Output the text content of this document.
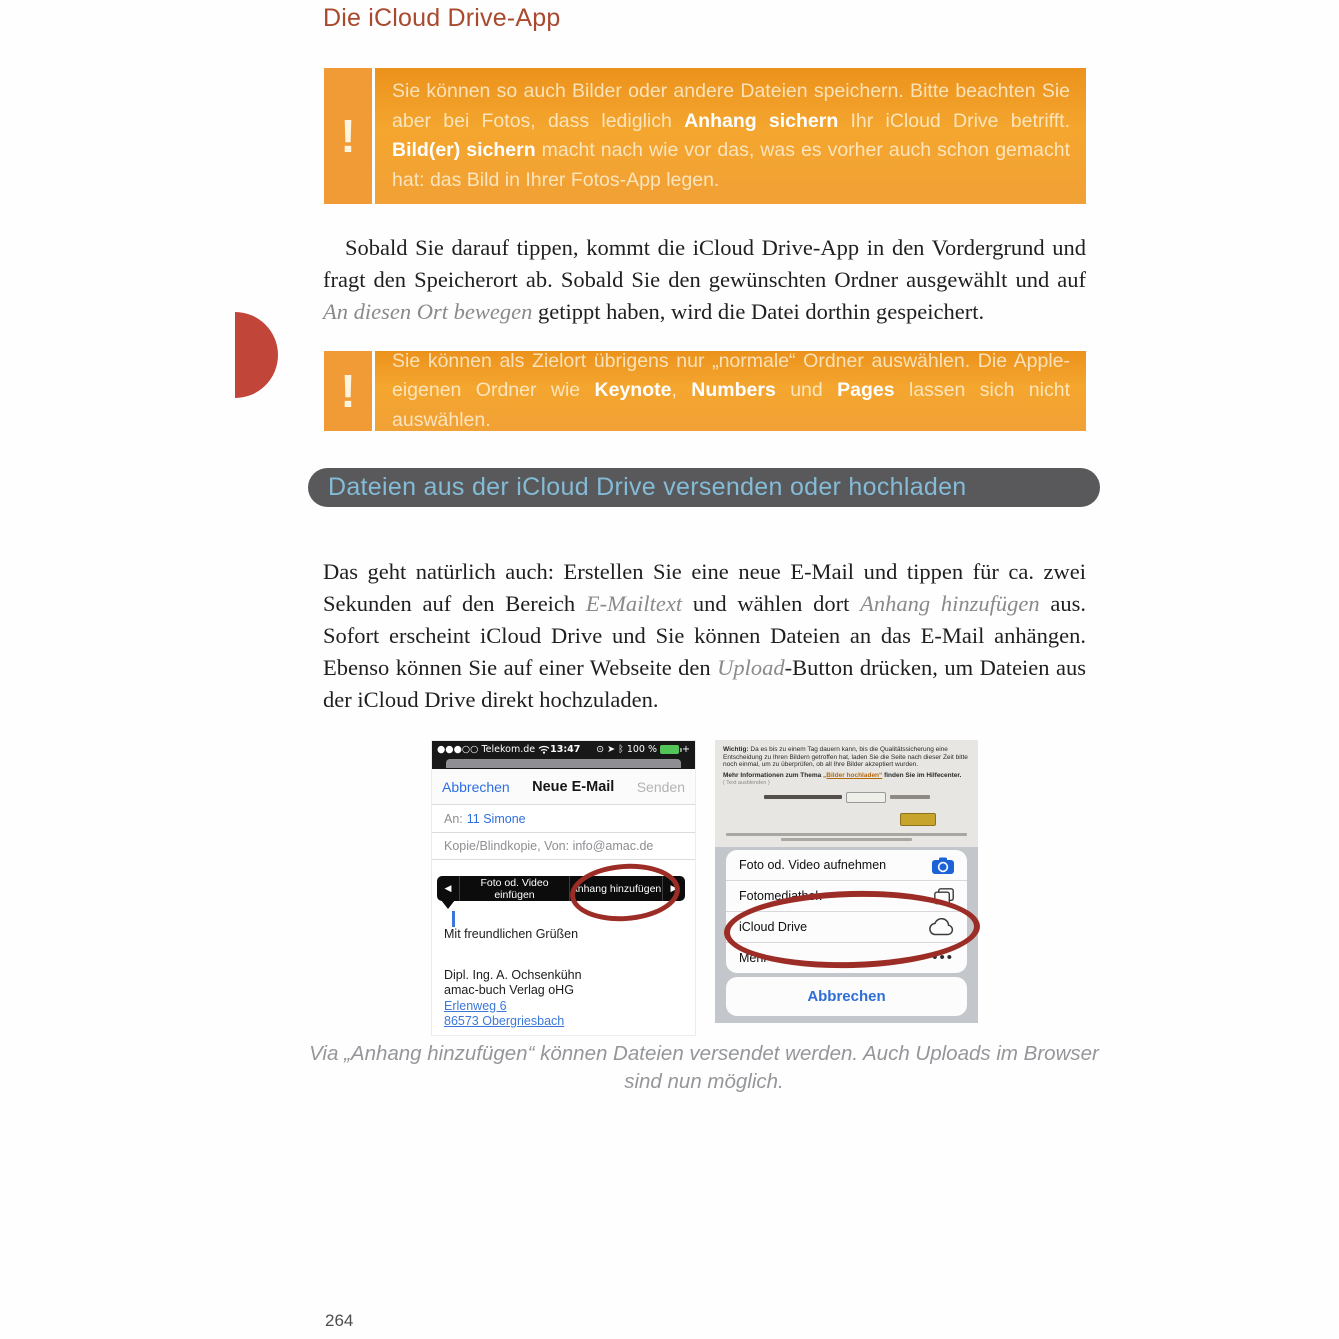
Die iCloud Drive-App
!

Sie können so auch Bilder oder andere Dateien speichern. Bitte beachten Sie aber bei Fotos, dass lediglich Anhang sichern Ihr iCloud Drive betrifft. Bild(er) sichern macht nach wie vor das, was es vorher auch schon gemacht hat: das Bild in Ihrer Fotos-App legen.

Sobald Sie darauf tippen, kommt die iCloud Drive-App in den Vordergrund und fragt den Speicherort ab. Sobald Sie den gewünschten Ordner ausgewählt und auf An diesen Ort bewegen getippt haben, wird die Datei dorthin gespeichert.

!

Sie können als Zielort übrigens nur „normale“ Ordner auswählen. Die Apple-eigenen Ordner wie Keynote, Numbers und Pages lassen sich nicht auswählen.

Dateien aus der iCloud Drive versenden oder hochladen

Das geht natürlich auch: Erstellen Sie eine neue E-Mail und tippen für ca. zwei Sekunden auf den Bereich E-Mailtext und wählen dort Anhang hinzufügen aus. Sofort erscheint iCloud Drive und Sie können Dateien an das E-Mail anhängen. Ebenso können Sie auf einer Webseite den Upload-Button drücken, um Dateien aus der iCloud Drive direkt hochzuladen.

●●●○○ Telekom.de 13:47 ⊙ ➤ ᛒ 100 %	+
Abbrechen Neue E-Mail Senden
An: 11 Simone
Kopie/Blindkopie, Von: info@amac.de
◀	Foto od. Video einfügen	Anhang hinzufügen	▶
Mit freundlichen Grüßen
Dipl. Ing. A. Ochsenkühn
amac-buch Verlag oHG
Erlenweg 6
86573 Obergriesbach
Wichtig: Da es bis zu einem Tag dauern kann, bis die Qualitätssicherung eine Entscheidung zu Ihren Bildern getroffen hat, laden Sie die Seite nach dieser Zeit bitte noch einmal, um zu überprüfen, ob all Ihre Bilder akzeptiert wurden.
Mehr Informationen zum Thema „Bilder hochladen“ finden Sie im Hilfecenter.
( Text ausblenden )
Foto od. Video aufnehmen
Fotomediathek
iCloud Drive
Mehr	•••
Abbrechen

Via „Anhang hinzufügen“ können Dateien versendet werden. Auch Uploads im Browser sind nun möglich.

264
